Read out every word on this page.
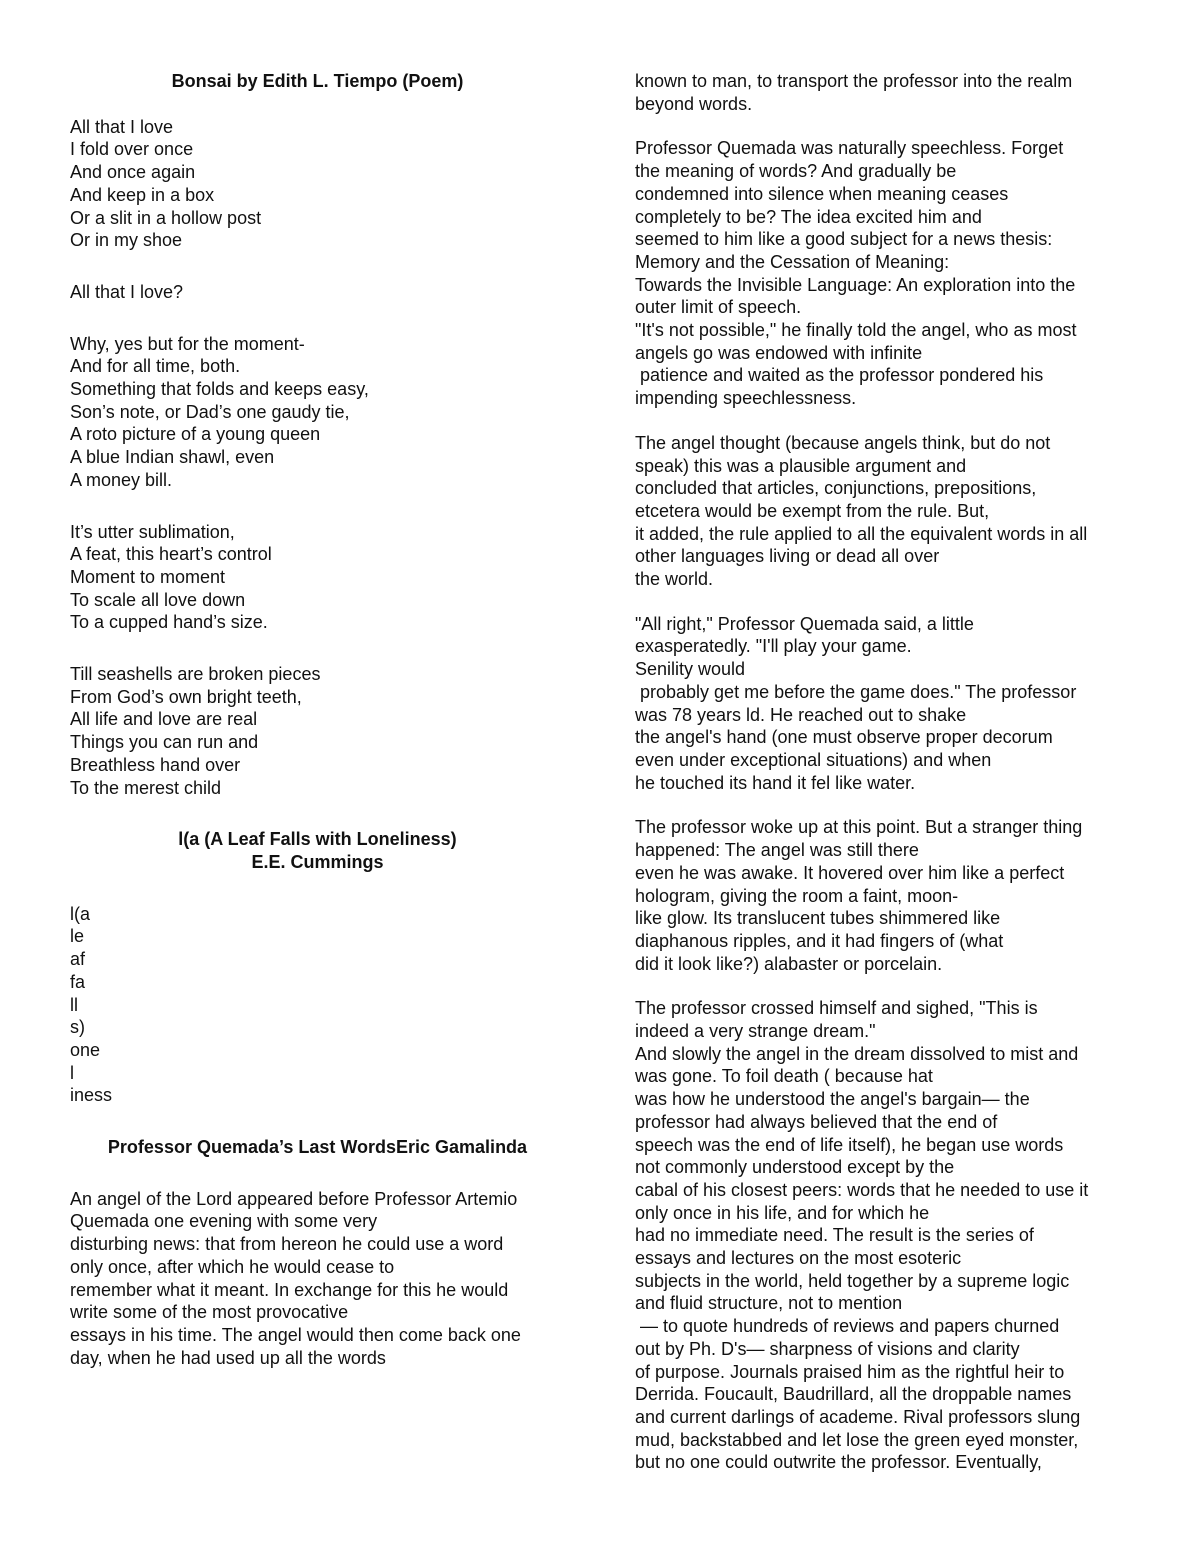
Bonsai by Edith L. Tiempo (Poem)
All that I love
I fold over once
And once again
And keep in a box
Or a slit in a hollow post
Or in my shoe
All that I love?
Why, yes but for the moment-
And for all time, both.
Something that folds and keeps easy,
Son’s note, or Dad’s one gaudy tie,
A roto picture of a young queen
A blue Indian shawl, even
A money bill.
It’s utter sublimation,
A feat, this heart’s control
Moment to moment
To scale all love down
To a cupped hand’s size.
Till seashells are broken pieces
From God’s own bright teeth,
All life and love are real
Things you can run and
Breathless hand over
To the merest child
l(a (A Leaf Falls with Loneliness)
E.E. Cummings
l(a
le
af
fa
ll
s)
one
l
iness
Professor Quemada’s Last WordsEric Gamalinda
An angel of the Lord appeared before Professor Artemio
Quemada one evening with some very
disturbing news: that from hereon he could use a word
only once, after which he would cease to
remember what it meant. In exchange for this he would
write some of the most provocative
essays in his time. The angel would then come back one
day, when he had used up all the words
known to man, to transport the professor into the realm
beyond words.
Professor Quemada was naturally speechless. Forget
the meaning of words? And gradually be
condemned into silence when meaning ceases
completely to be? The idea excited him and
seemed to him like a good subject for a news thesis:
Memory and the Cessation of Meaning:
Towards the Invisible Language: An exploration into the
outer limit of speech.
"It's not possible," he finally told the angel, who as most
angels go was endowed with infinite
patience and waited as the professor pondered his
impending speechlessness.
The angel thought (because angels think, but do not
speak) this was a plausible argument and
concluded that articles, conjunctions, prepositions,
etcetera would be exempt from the rule. But,
it added, the rule applied to all the equivalent words in all
other languages living or dead all over
the world.
"All right," Professor Quemada said, a little
exasperatedly. "I'll play your game.
Senility would
probably get me before the game does." The professor
was 78 years ld. He reached out to shake
the angel's hand (one must observe proper decorum
even under exceptional situations) and when
he touched its hand it fel like water.
The professor woke up at this point. But a stranger thing
happened: The angel was still there
even he was awake. It hovered over him like a perfect
hologram, giving the room a faint, moon-
like glow. Its translucent tubes shimmered like
diaphanous ripples, and it had fingers of (what
did it look like?) alabaster or porcelain.
The professor crossed himself and sighed, "This is
indeed a very strange dream."
And slowly the angel in the dream dissolved to mist and
was gone. To foil death ( because hat
was how he understood the angel's bargain— the
professor had always believed that the end of
speech was the end of life itself), he began use words
not commonly understood except by the
cabal of his closest peers: words that he needed to use it
only once in his life, and for which he
had no immediate need. The result is the series of
essays and lectures on the most esoteric
subjects in the world, held together by a supreme logic
and fluid structure, not to mention
— to quote hundreds of reviews and papers churned
out by Ph. D's— sharpness of visions and clarity
of purpose. Journals praised him as the rightful heir to
Derrida. Foucault, Baudrillard, all the droppable names
and current darlings of academe. Rival professors slung
mud, backstabbed and let lose the green eyed monster,
but no one could outwrite the professor. Eventually,
